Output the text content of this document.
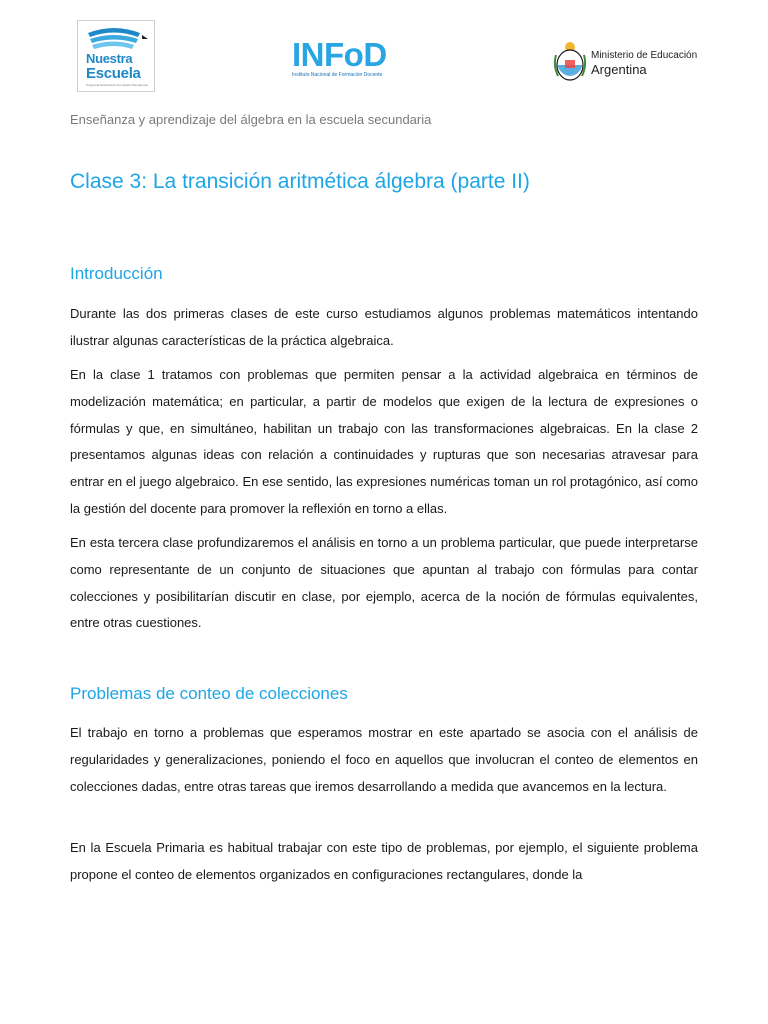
Nuestra
Escuela
Programa Nacional de Formación Permanente
INFoD
Instituto Nacional de Formación Docente
Ministerio de Educación
Argentina
Enseñanza y aprendizaje del álgebra en la escuela secundaria
Clase 3: La transición aritmética álgebra (parte II)
Introducción
Durante las dos primeras clases de este curso estudiamos algunos problemas matemáticos intentando ilustrar algunas características de la práctica algebraica.
En la clase 1 tratamos con problemas que permiten pensar a la actividad algebraica en términos de modelización matemática; en particular, a partir de modelos que exigen de la lectura de expresiones o fórmulas y que, en simultáneo, habilitan un trabajo con las transformaciones algebraicas. En la clase 2 presentamos algunas ideas con relación a continuidades y rupturas que son necesarias atravesar para entrar en el juego algebraico. En ese sentido, las expresiones numéricas toman un rol protagónico, así como la gestión del docente para promover la reflexión en torno a ellas.
En esta tercera clase profundizaremos el análisis en torno a un problema particular, que puede interpretarse como representante de un conjunto de situaciones que apuntan al trabajo con fórmulas para contar colecciones y posibilitarían discutir en clase, por ejemplo, acerca de la noción de fórmulas equivalentes, entre otras cuestiones.
Problemas de conteo de colecciones
El trabajo en torno a problemas que esperamos mostrar en este apartado se asocia con el análisis de regularidades y generalizaciones, poniendo el foco en aquellos que involucran el conteo de elementos en colecciones dadas, entre otras tareas que iremos desarrollando a medida que avancemos en la lectura.
En la Escuela Primaria es habitual trabajar con este tipo de problemas, por ejemplo, el siguiente problema propone el conteo de elementos organizados en configuraciones rectangulares, donde la
